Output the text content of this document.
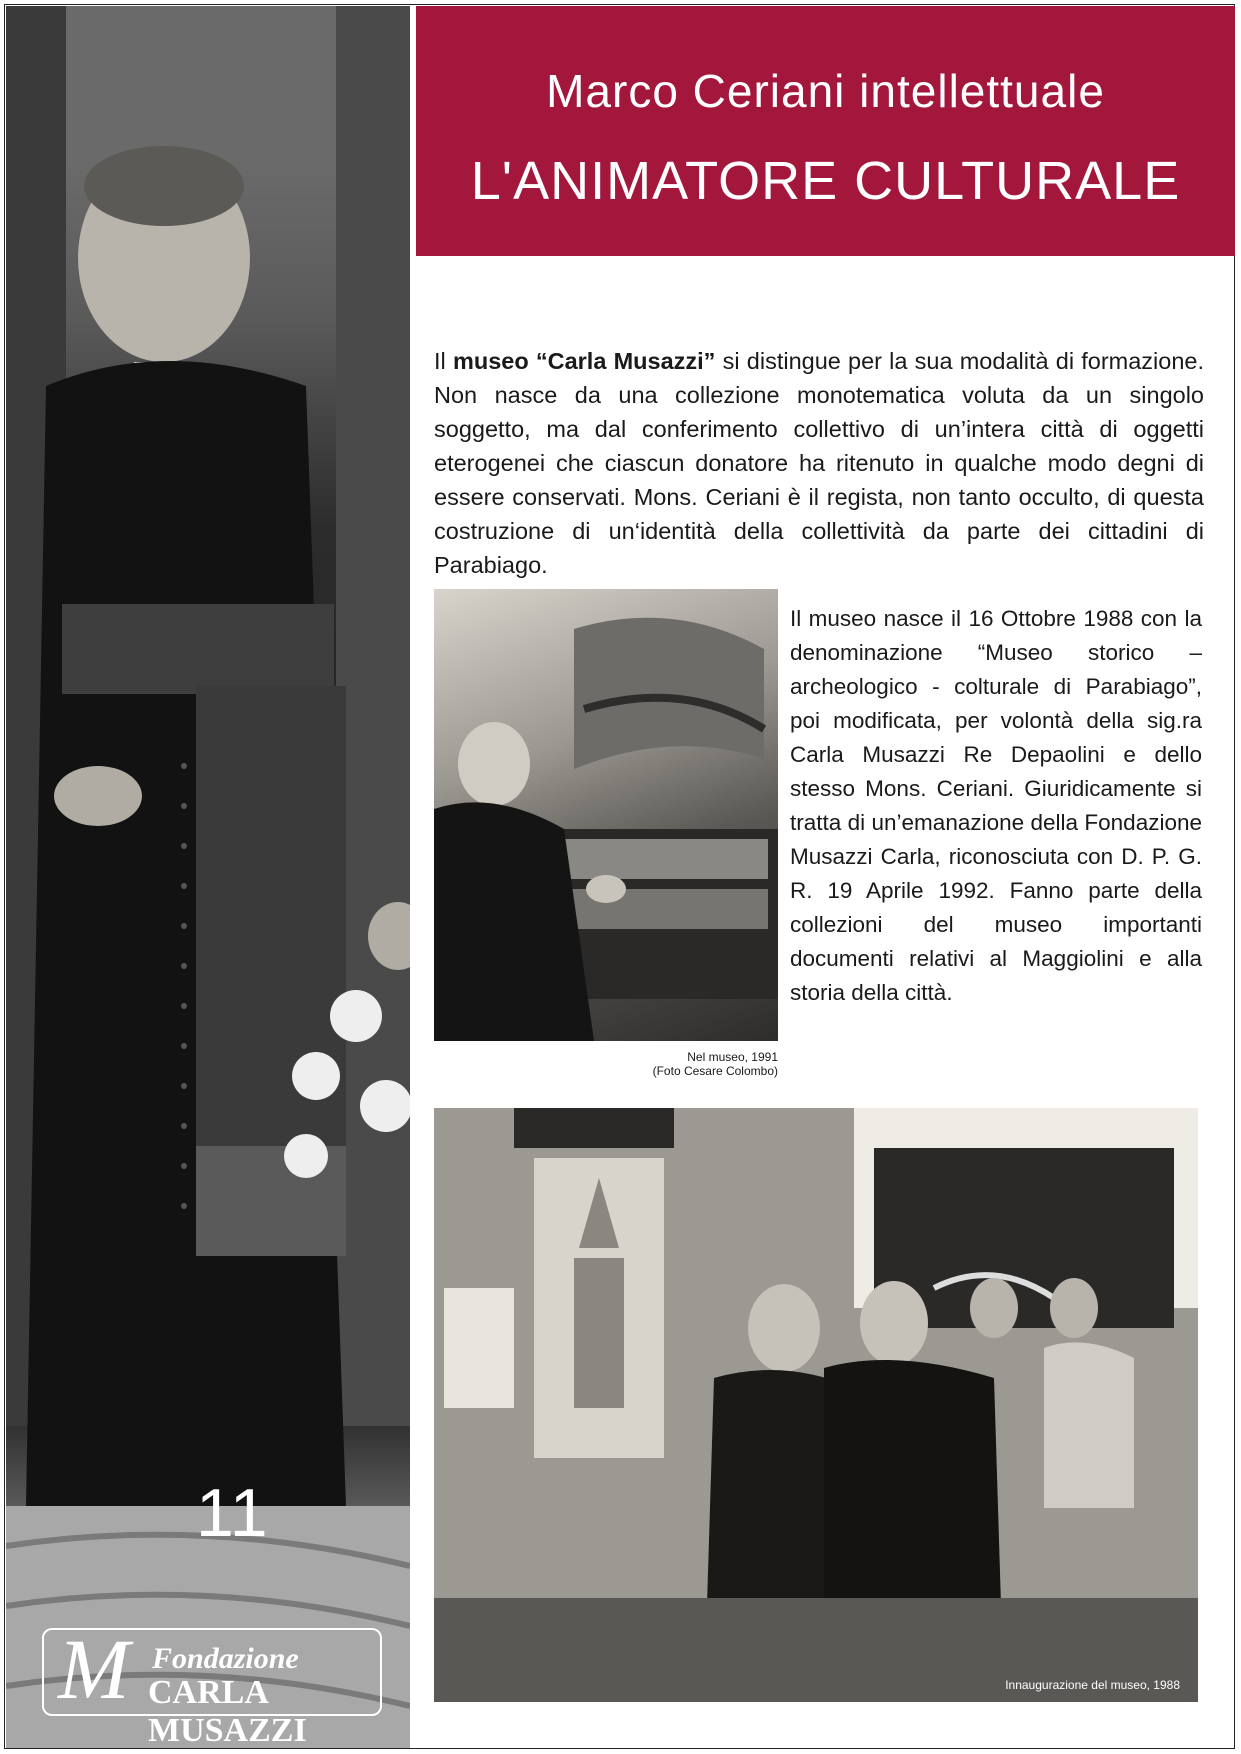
11
M Fondazione
CARLA MUSAZZI
Marco Ceriani intellettuale
L'ANIMATORE CULTURALE
Il museo “Carla Musazzi” si distingue per la sua modalità di formazione. Non nasce da una collezione monotematica voluta da un singolo soggetto, ma dal conferimento collettivo di un’intera città di oggetti eterogenei che ciascun donatore ha ritenuto in qualche modo degni di essere conservati. Mons. Ceriani è il regista, non tanto occulto, di questa costruzione di un‘identità della collettività da parte dei cittadini di Parabiago.
Nel museo, 1991
(Foto Cesare Colombo)
Il museo nasce il 16 Ottobre 1988 con la denominazione “Museo storico – archeologico - colturale di Parabiago”, poi modificata, per volontà della sig.ra Carla Musazzi Re Depaolini e dello stesso Mons. Ceriani. Giuridicamente si tratta di un’emanazione della Fondazione Musazzi Carla, riconosciuta con D. P. G. R. 19 Aprile 1992. Fanno parte della collezioni del museo importanti documenti relativi al Maggiolini e alla storia della città.
Innaugurazione del museo, 1988
